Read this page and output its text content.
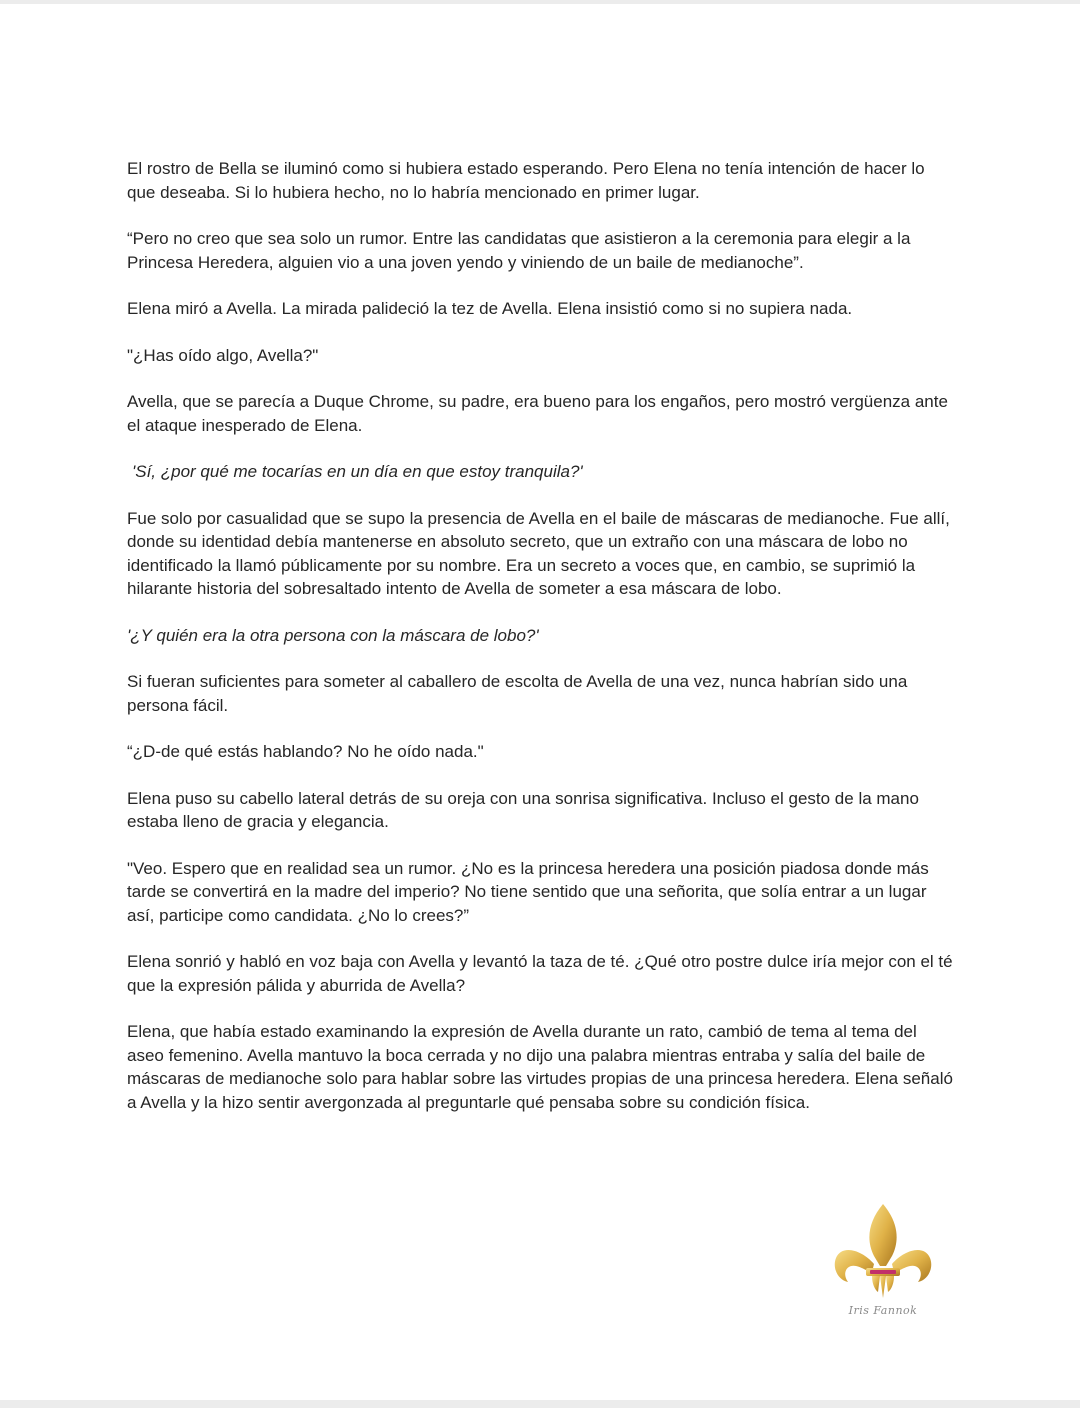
El rostro de Bella se iluminó como si hubiera estado esperando. Pero Elena no tenía intención de hacer lo que deseaba. Si lo hubiera hecho, no lo habría mencionado en primer lugar.

“Pero no creo que sea solo un rumor. Entre las candidatas que asistieron a la ceremonia para elegir a la Princesa Heredera, alguien vio a una joven yendo y viniendo de un baile de medianoche”.

Elena miró a Avella. La mirada palideció la tez de Avella. Elena insistió como si no supiera nada.

"¿Has oído algo, Avella?"

Avella, que se parecía a Duque Chrome, su padre, era bueno para los engaños, pero mostró vergüenza ante el ataque inesperado de Elena.

'Sí, ¿por qué me tocarías en un día en que estoy tranquila?'

Fue solo por casualidad que se supo la presencia de Avella en el baile de máscaras de medianoche. Fue allí, donde su identidad debía mantenerse en absoluto secreto, que un extraño con una máscara de lobo no identificado la llamó públicamente por su nombre. Era un secreto a voces que, en cambio, se suprimió la hilarante historia del sobresaltado intento de Avella de someter a esa máscara de lobo.

'¿Y quién era la otra persona con la máscara de lobo?'

Si fueran suficientes para someter al caballero de escolta de Avella de una vez, nunca habrían sido una persona fácil.

“¿D-de qué estás hablando? No he oído nada."

Elena puso su cabello lateral detrás de su oreja con una sonrisa significativa. Incluso el gesto de la mano estaba lleno de gracia y elegancia.

"Veo. Espero que en realidad sea un rumor. ¿No es la princesa heredera una posición piadosa donde más tarde se convertirá en la madre del imperio? No tiene sentido que una señorita, que solía entrar a un lugar así, participe como candidata. ¿No lo crees?”

Elena sonrió y habló en voz baja con Avella y levantó la taza de té. ¿Qué otro postre dulce iría mejor con el té que la expresión pálida y aburrida de Avella?

Elena, que había estado examinando la expresión de Avella durante un rato, cambió de tema al tema del aseo femenino. Avella mantuvo la boca cerrada y no dijo una palabra mientras entraba y salía del baile de máscaras de medianoche solo para hablar sobre las virtudes propias de una princesa heredera. Elena señaló a Avella y la hizo sentir avergonzada al preguntarle qué pensaba sobre su condición física.

Iris Fannok
